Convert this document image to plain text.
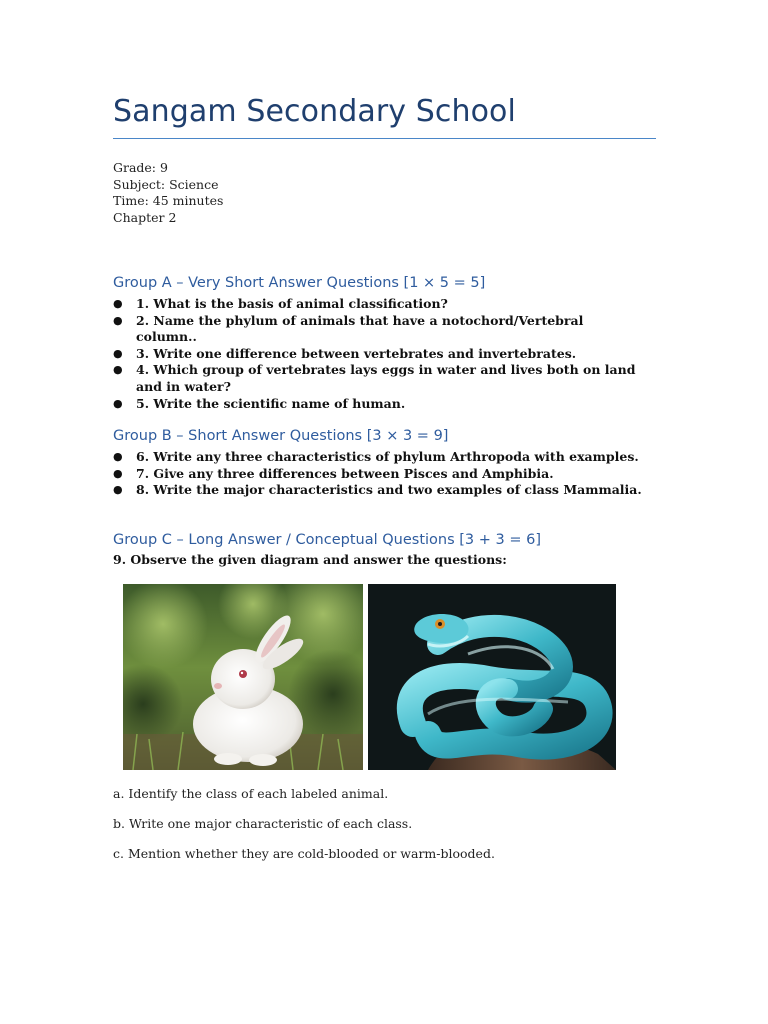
Sangam Secondary School
Grade: 9
Subject: Science
Time: 45 minutes
Chapter 2
Group A – Very Short Answer Questions [1 × 5 = 5]
● 1. What is the basis of animal classification?
● 2. Name the phylum of animals that have a notochord/Vertebral column..
● 3. Write one difference between vertebrates and invertebrates.
● 4. Which group of vertebrates lays eggs in water and lives both on land and in water?
● 5. Write the scientific name of human.
Group B – Short Answer Questions [3 × 3 = 9]
● 6. Write any three characteristics of phylum Arthropoda with examples.
● 7. Give any three differences between Pisces and Amphibia.
● 8. Write the major characteristics and two examples of class Mammalia.
Group C – Long Answer / Conceptual Questions [3 + 3 = 6]
9. Observe the given diagram and answer the questions:
a. Identify the class of each labeled animal.
b. Write one major characteristic of each class.
c. Mention whether they are cold-blooded or warm-blooded.
